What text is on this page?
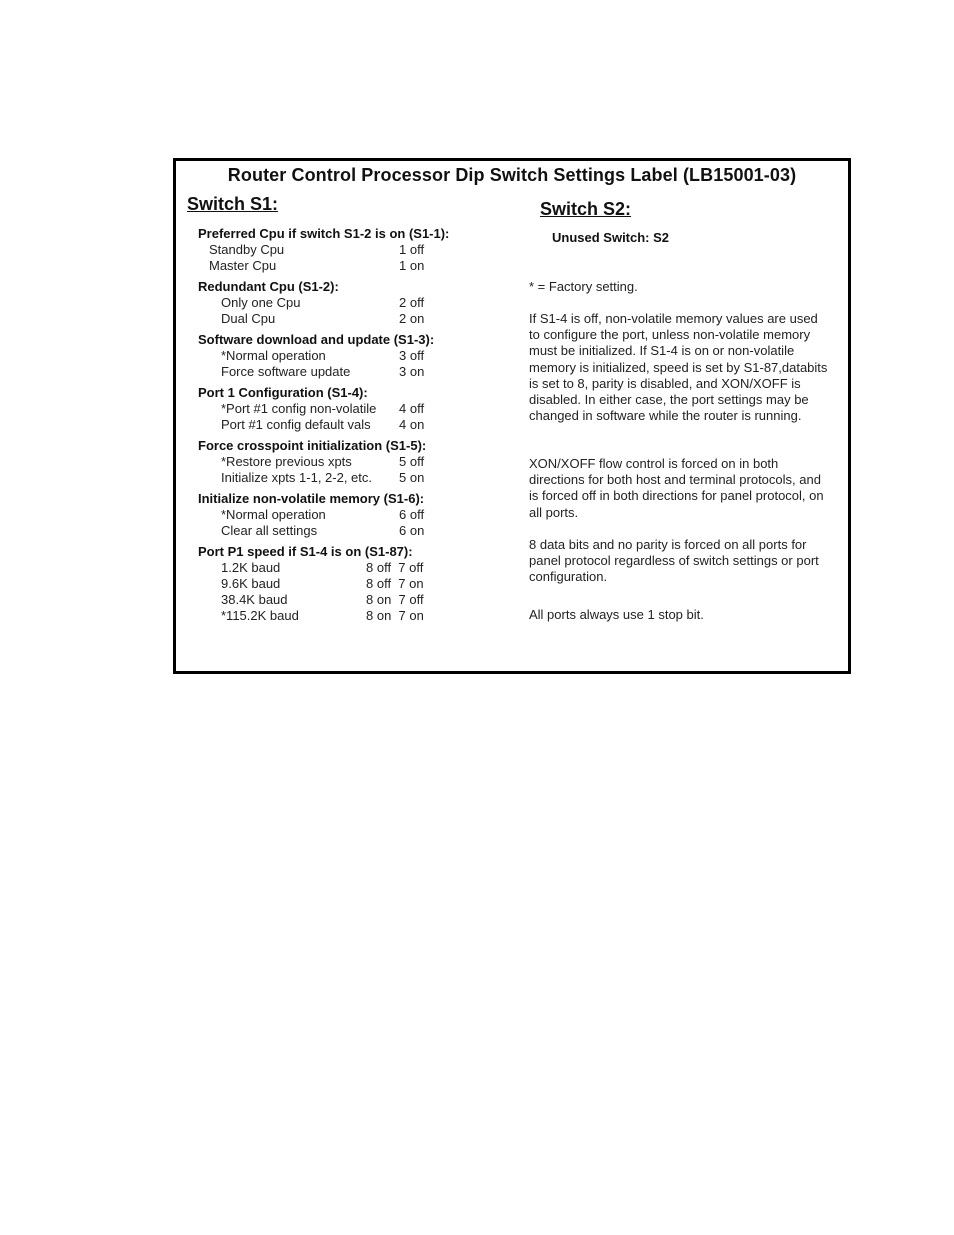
Router Control Processor Dip Switch Settings Label (LB15001-03)
Switch S1:	Switch S2:
Preferred Cpu if switch S1-2 is on (S1-1):
Standby Cpu	1 off
Master Cpu	1 on
Redundant Cpu (S1-2):
Only one Cpu	2 off
Dual Cpu	2 on
Software download and update (S1-3):
*Normal operation	3 off
Force software update	3 on
Port 1 Configuration (S1-4):
*Port #1 config non-volatile	4 off
Port #1 config default vals	4 on
Force crosspoint initialization (S1-5):
*Restore previous xpts	5 off
Initialize xpts 1-1, 2-2, etc.	5 on
Initialize non-volatile memory (S1-6):
*Normal operation	6 off
Clear all settings	6 on
Port P1 speed if S1-4 is on (S1-87):
1.2K baud	8 off  7 off
9.6K baud	8 off  7 on
38.4K baud	8 on  7 off
*115.2K baud	8 on  7 on
Unused Switch: S2
* = Factory setting.
If S1-4 is off, non-volatile memory values are used to configure the port, unless non-volatile memory must be initialized. If S1-4 is on or non-volatile memory is initialized, speed is set by S1-87,databits is set to 8, parity is disabled, and XON/XOFF is disabled. In either case, the port settings may be changed in software while the router is running.
XON/XOFF flow control is forced on in both directions for both host and terminal protocols, and is forced off in both directions for panel protocol, on all ports.
8 data bits and no parity is forced on all ports for panel protocol regardless of switch settings or port configuration.
All ports always use 1 stop bit.
